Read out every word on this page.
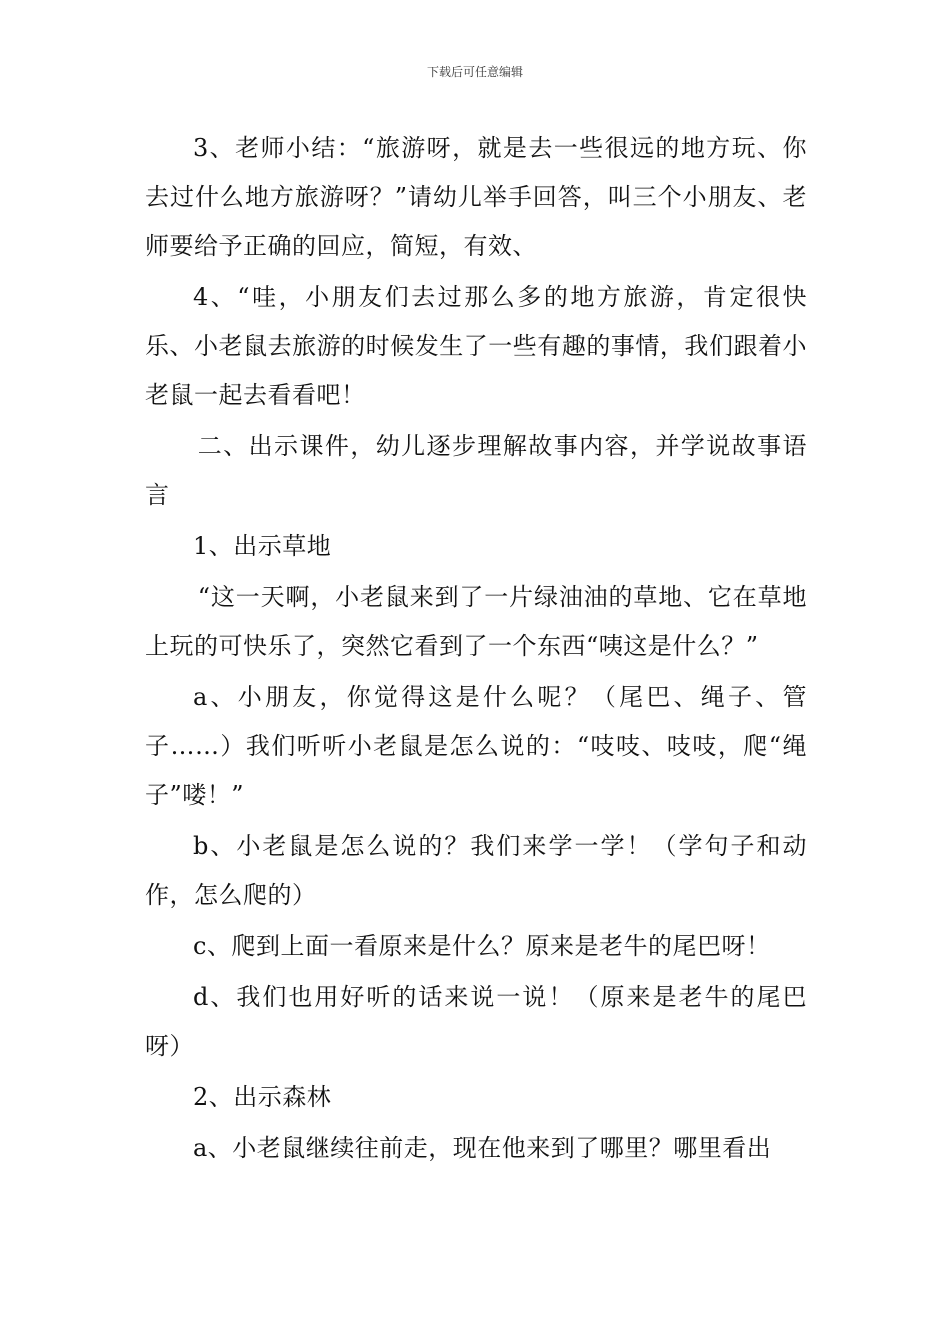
下载后可任意编辑

3、老师小结：“旅游呀，就是去一些很远的地方玩、你去过什么地方旅游呀？”请幼儿举手回答，叫三个小朋友、老师要给予正确的回应，简短，有效、

4、“哇，小朋友们去过那么多的地方旅游，肯定很快乐、小老鼠去旅游的时候发生了一些有趣的事情，我们跟着小老鼠一起去看看吧！

二、出示课件，幼儿逐步理解故事内容，并学说故事语言

1、出示草地

“这一天啊，小老鼠来到了一片绿油油的草地、它在草地上玩的可快乐了，突然它看到了一个东西“咦这是什么？”

a、小朋友，你觉得这是什么呢？（尾巴、绳子、管子……）我们听听小老鼠是怎么说的：“吱吱、吱吱，爬“绳子”喽！”

b、小老鼠是怎么说的？我们来学一学！（学句子和动作，怎么爬的）

c、爬到上面一看原来是什么？原来是老牛的尾巴呀！

d、我们也用好听的话来说一说！（原来是老牛的尾巴呀）

2、出示森林

a、小老鼠继续往前走，现在他来到了哪里？哪里看出
